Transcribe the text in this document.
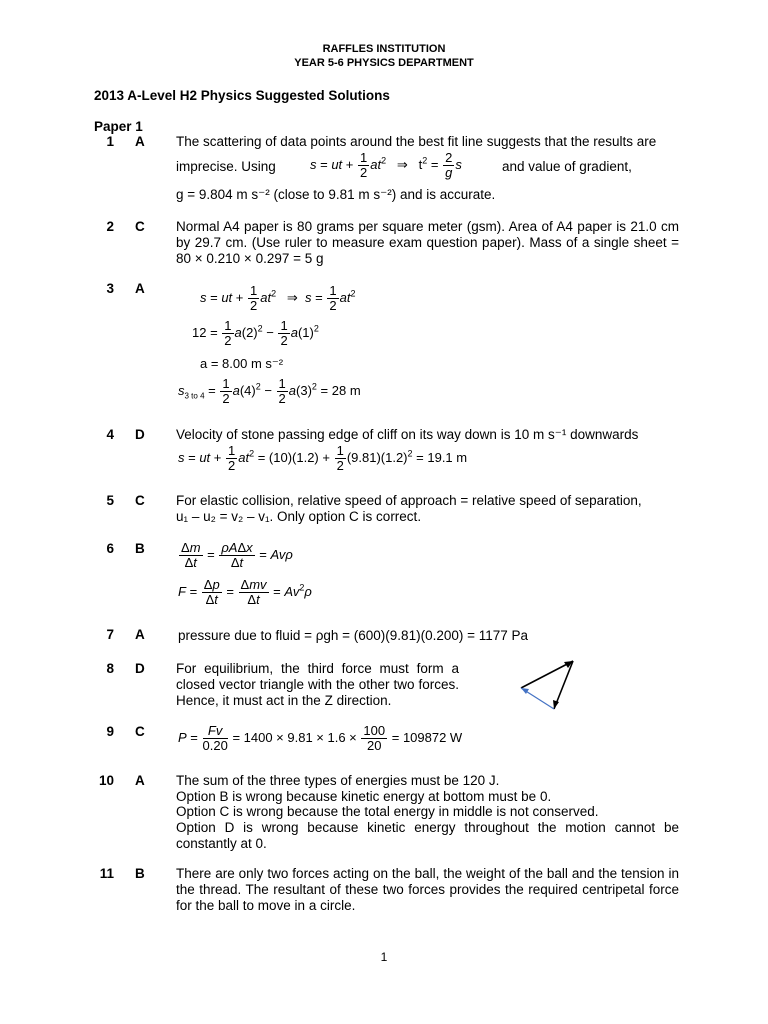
RAFFLES INSTITUTION
YEAR 5-6 PHYSICS DEPARTMENT
2013 A-Level H2 Physics Suggested Solutions
Paper 1
1 A The scattering of data points around the best fit line suggests that the results are
imprecise. Using	s = ut + $\frac{1}{2} at^2$   ⇒   $t^2 = \frac{2}{g}$ s	and value of gradient,
g = 9.804 m s⁻² (close to 9.81 m s⁻²) and is accurate.
2 C Normal A4 paper is 80 grams per square meter (gsm). Area of A4 paper is 21.0 cm by 29.7 cm. (Use ruler to measure exam question paper). Mass of a single sheet = 80 × 0.210 × 0.297 = 5 g
3 A
s = ut + $\frac{1}{2} at^2$   ⇒  $s = \frac{1}{2} at^2$
$12 = \frac{1}{2} a(2)^2 - \frac{1}{2} a(1)^2$
a = 8.00 m s⁻²
$s_{3 to 4} = \frac{1}{2} a(4)^2 - \frac{1}{2} a(3)^2 = 28$ m
4 D Velocity of stone passing edge of cliff on its way down is 10 m s⁻¹ downwards
s = ut + $\frac{1}{2} at^2 = (10)(1.2) + \frac{1}{2} (9.81)(1.2)^2 = 19.1$ m
5 C For elastic collision, relative speed of approach = relative speed of separation,
u₁ – u₂ = v₂ – v₁. Only option C is correct.
6 B	$\frac{\Delta m}{\Delta t} = \frac{\text{ρAΔx}}{\Delta t} = Av\rho$
$F = \frac{\Delta p}{\Delta t} = \frac{\text{Δmv}}{\Delta t} = Av^2\rho$
7 A pressure due to fluid = ρgh = (600)(9.81)(0.200) = 1177 Pa
8 D For equilibrium, the third force must form a closed vector triangle with the other two forces. Hence, it must act in the Z direction.
9 C	$P = \frac{Fv}{0.20} = 1400 \times 9.81 \times 1.6 \times \frac{100}{20} = 109872$ W
10 A The sum of the three types of energies must be 120 J.
Option B is wrong because kinetic energy at bottom must be 0.
Option C is wrong because the total energy in middle is not conserved.
Option D is wrong because kinetic energy throughout the motion cannot be constantly at 0.
11 B There are only two forces acting on the ball, the weight of the ball and the tension in the thread. The resultant of these two forces provides the required centripetal force for the ball to move in a circle.
1
